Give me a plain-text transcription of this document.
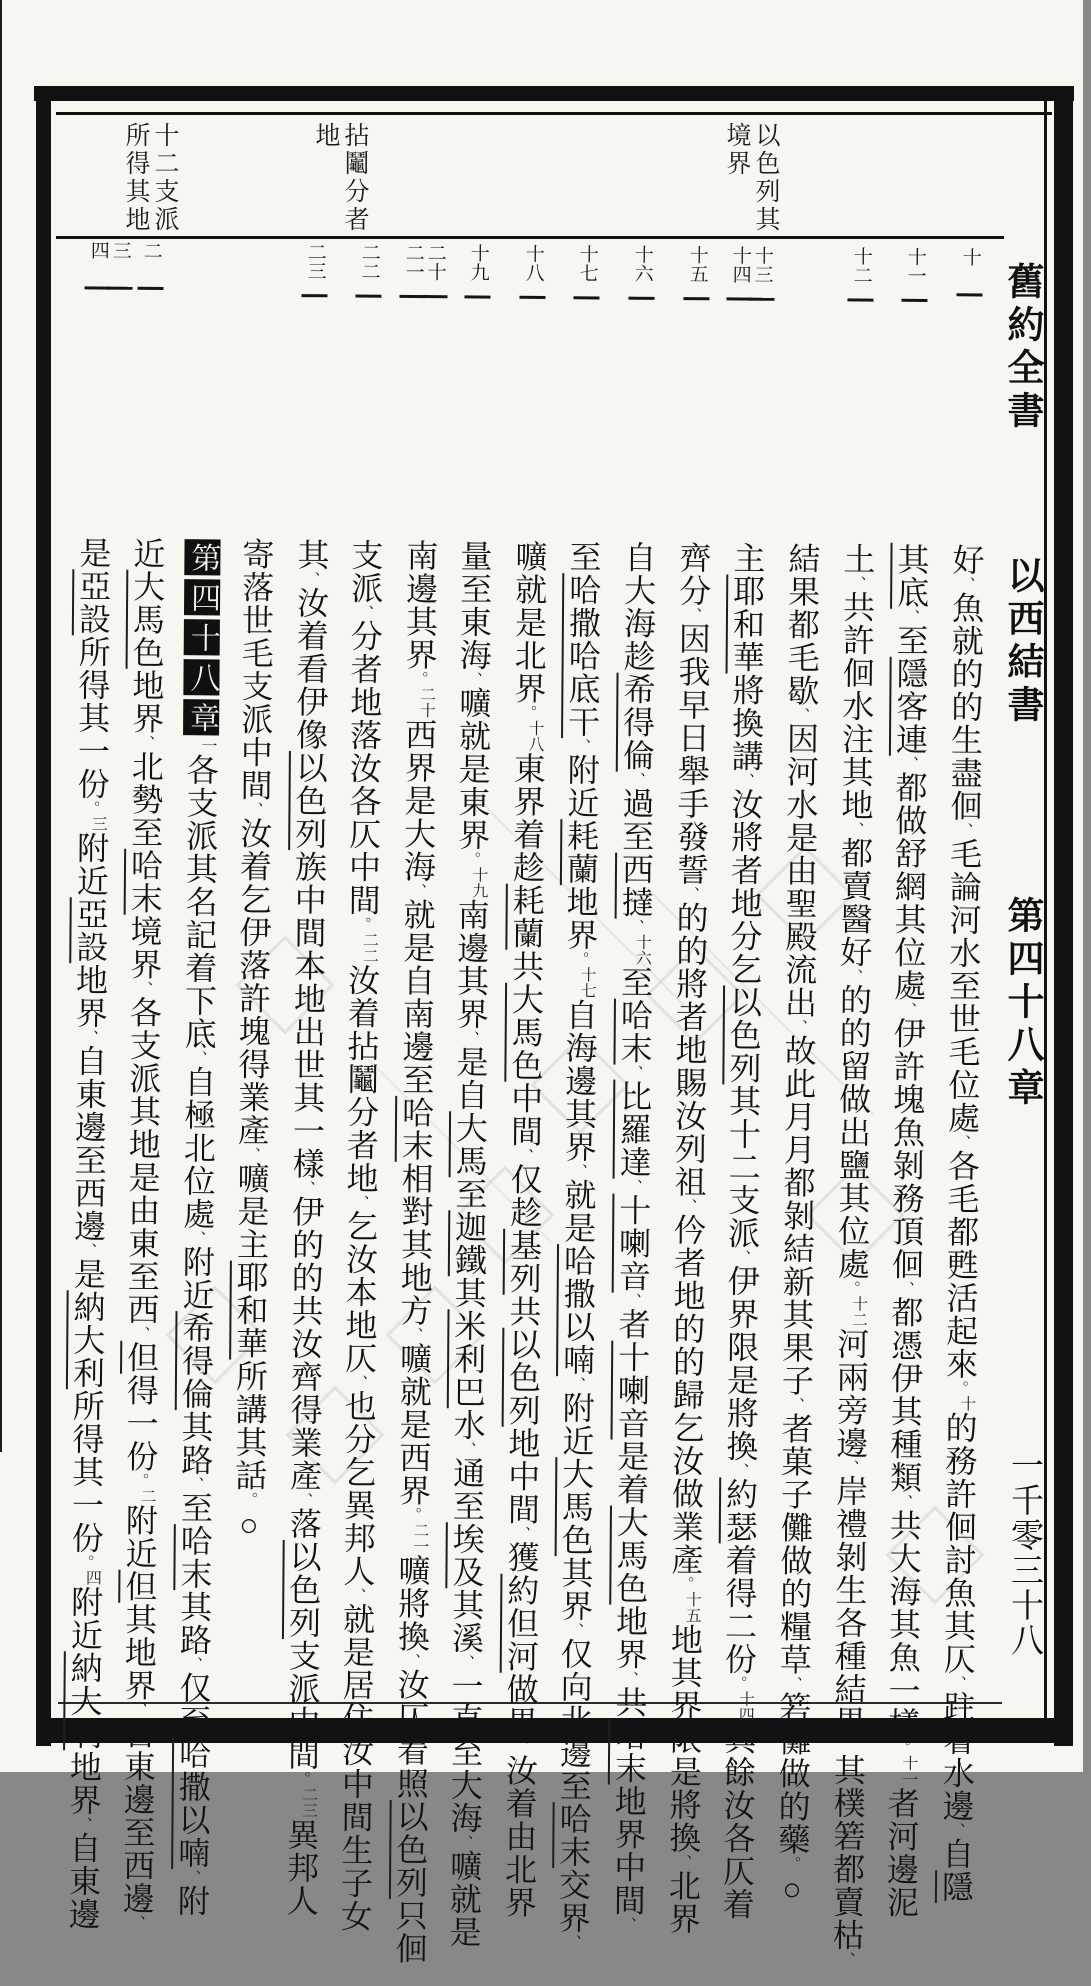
以色列其
境界
拈鬮分者
地
十二支派
所得其地
好、魚就的的生盡佪、毛論河水至世毛位處、各毛都甦活起來。十的務許佪討魚其仄、跓着水邊、自隱
其底、至隱客連、都做舒網其位處、伊許塊魚剝務頂佪、都憑伊其種類、共大海其魚一樣。十一者河邊泥
土、共許佪水注其地、都賣醫好、的的留做出鹽其位處。十二河兩旁邊、岸禮剝生各種結果、其樸箬都賣枯、
結果都毛歇、因河水是由聖殿流出、故此月月都剝結新其果子、者菓子儺做的糧草、箬儺做的藥。○
主耶和華將換講、汝將者地分乞以色列其十二支派、伊界限是將換、約瑟着得二份。十四其餘汝各仄着
齊分、因我早日舉手發誓、的的將者地賜汝列祖、仱者地的的歸乞汝做業產。十五地其界限是將換、北界
自大海趁希得倫、過至西撻、十六至哈末、比羅達、十喇音、者十喇音是着大馬色地界、共哈末地界中間、
至哈撒哈底干、附近耗蘭地界。十七自海邊其界、就是哈撒以喃、附近大馬色其界、仅向北邊至哈末交界、
嚝就是北界。十八東界着趁耗蘭共大馬色中間、仅趁基列共以色列地中間、獲約但河做界、汝着由北界
量至東海、嚝就是東界。十九南邊其界、是自大馬至迦鐵其米利巴水、通至埃及其溪、一直至大海、嚝就是
南邊其界。二十西界是大海、就是自南邊至哈末相對其地方、嚝就是西界。二一嚝將換、汝仄着照以色列只佪
支派、分者地落汝各仄中間。二二汝着拈鬮分者地、乞汝本地仄、也分乞異邦人、就是居住汝中間生子女
其、汝着看伊像以色列族中間本地出世其一樣、伊的的共汝齊得業產、落以色列支派中間。二三異邦人
寄落世毛支派中間、汝着乞伊落許塊得業產、嚝是主耶和華所講其話。○
第四十八章一各支派其名記着下底、自極北位處、附近希得倫其路、至哈末其路、仅至哈撒以喃、附
近大馬色地界、北勢至哈末境界、各支派其地是由東至西、但得一份。二附近但其地界、自東邊至西邊、
是亞設所得其一份。三附近亞設地界、自東邊至西邊、是納大利所得其一份。四附近納大利地界、自東邊
十
十一
十二
十三
十四
十五
十六
十七
十八
十九
二十
二一
二二
二三
二
三
四
舊約全書
以西結書
第四十八章
一千零三十八
